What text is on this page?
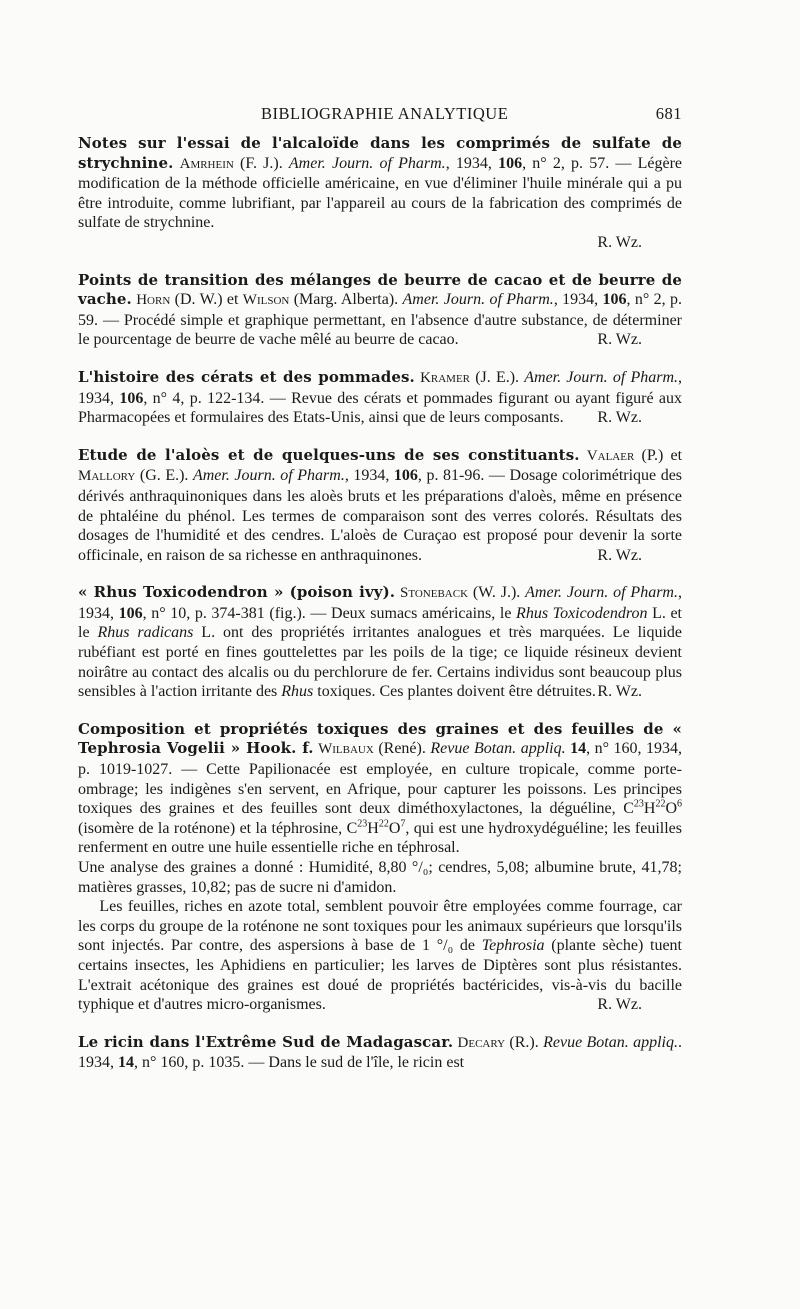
BIBLIOGRAPHIE ANALYTIQUE	681

Notes sur l'essai de l'alcaloïde dans les comprimés de sulfate de strychnine. Amrhein (F. J.). Amer. Journ. of Pharm., 1934, 106, n° 2, p. 57. — Légère modification de la méthode officielle américaine, en vue d'éliminer l'huile minérale qui a pu être introduite, comme lubrifiant, par l'appareil au cours de la fabrication des comprimés de sulfate de strychnine.
R. Wz.

Points de transition des mélanges de beurre de cacao et de beurre de vache. Horn (D. W.) et Wilson (Marg. Alberta). Amer. Journ. of Pharm., 1934, 106, n° 2, p. 59. — Procédé simple et graphique permettant, en l'absence d'autre substance, de déterminer le pourcentage de beurre de vache mêlé au beurre de cacao.	R. Wz.

L'histoire des cérats et des pommades. Kramer (J. E.). Amer. Journ. of Pharm., 1934, 106, n° 4, p. 122-134. — Revue des cérats et pommades figurant ou ayant figuré aux Pharmacopées et formulaires des Etats-Unis, ainsi que de leurs composants. R. Wz.

Etude de l'aloès et de quelques-uns de ses constituants. Valaer (P.) et Mallory (G. E.). Amer. Journ. of Pharm., 1934, 106, p. 81-96. — Dosage colorimétrique des dérivés anthraquinoniques dans les aloès bruts et les préparations d'aloès, même en présence de phtaléine du phénol. Les termes de comparaison sont des verres colorés. Résultats des dosages de l'humidité et des cendres. L'aloès de Curaçao est proposé pour devenir la sorte officinale, en raison de sa richesse en anthraquinones.	R. Wz.

« Rhus Toxicodendron » (poison ivy). Stoneback (W. J.). Amer. Journ. of Pharm., 1934, 106, n° 10, p. 374-381 (fig.). — Deux sumacs américains, le Rhus Toxicodendron L. et le Rhus radicans L. ont des propriétés irritantes analogues et très marquées. Le liquide rubéfiant est porté en fines gouttelettes par les poils de la tige; ce liquide résineux devient noirâtre au contact des alcalis ou du perchlorure de fer. Certains individus sont beaucoup plus sensibles à l'action irritante des Rhus toxiques. Ces plantes doivent être détruites. R. Wz.

Composition et propriétés toxiques des graines et des feuilles de « Tephrosia Vogelii » Hook. f. Wilbaux (René). Revue Botan. appliq. 14, n° 160, 1934, p. 1019-1027. — Cette Papilionacée est employée, en culture tropicale, comme porte-ombrage; les indigènes s'en servent, en Afrique, pour capturer les poissons. Les principes toxiques des graines et des feuilles sont deux diméthoxylactones, la déguéline, $C^{23}H^{22}O^6$ (isomère de la roténone) et la téphrosine, $C^{23}H^{22}O^7$, qui est une hydroxydéguéline; les feuilles renferment en outre une huile essentielle riche en téphrosal.

Une analyse des graines a donné : Humidité, 8,80 °/₀; cendres, 5,08; albumine brute, 41,78; matières grasses, 10,82; pas de sucre ni d'amidon.

Les feuilles, riches en azote total, semblent pouvoir être employées comme fourrage, car les corps du groupe de la roténone ne sont toxiques pour les animaux supérieurs que lorsqu'ils sont injectés. Par contre, des aspersions à base de 1 °/₀ de Tephrosia (plante sèche) tuent certains insectes, les Aphidiens en particulier; les larves de Diptères sont plus résistantes. L'extrait acétonique des graines est doué de propriétés bactéricides, vis-à-vis du bacille typhique et d'autres micro-organismes.	R. Wz.

Le ricin dans l'Extrême Sud de Madagascar. Decary (R.). Revue Botan. appliq.. 1934, 14, n° 160, p. 1035. — Dans le sud de l'île, le ricin est
